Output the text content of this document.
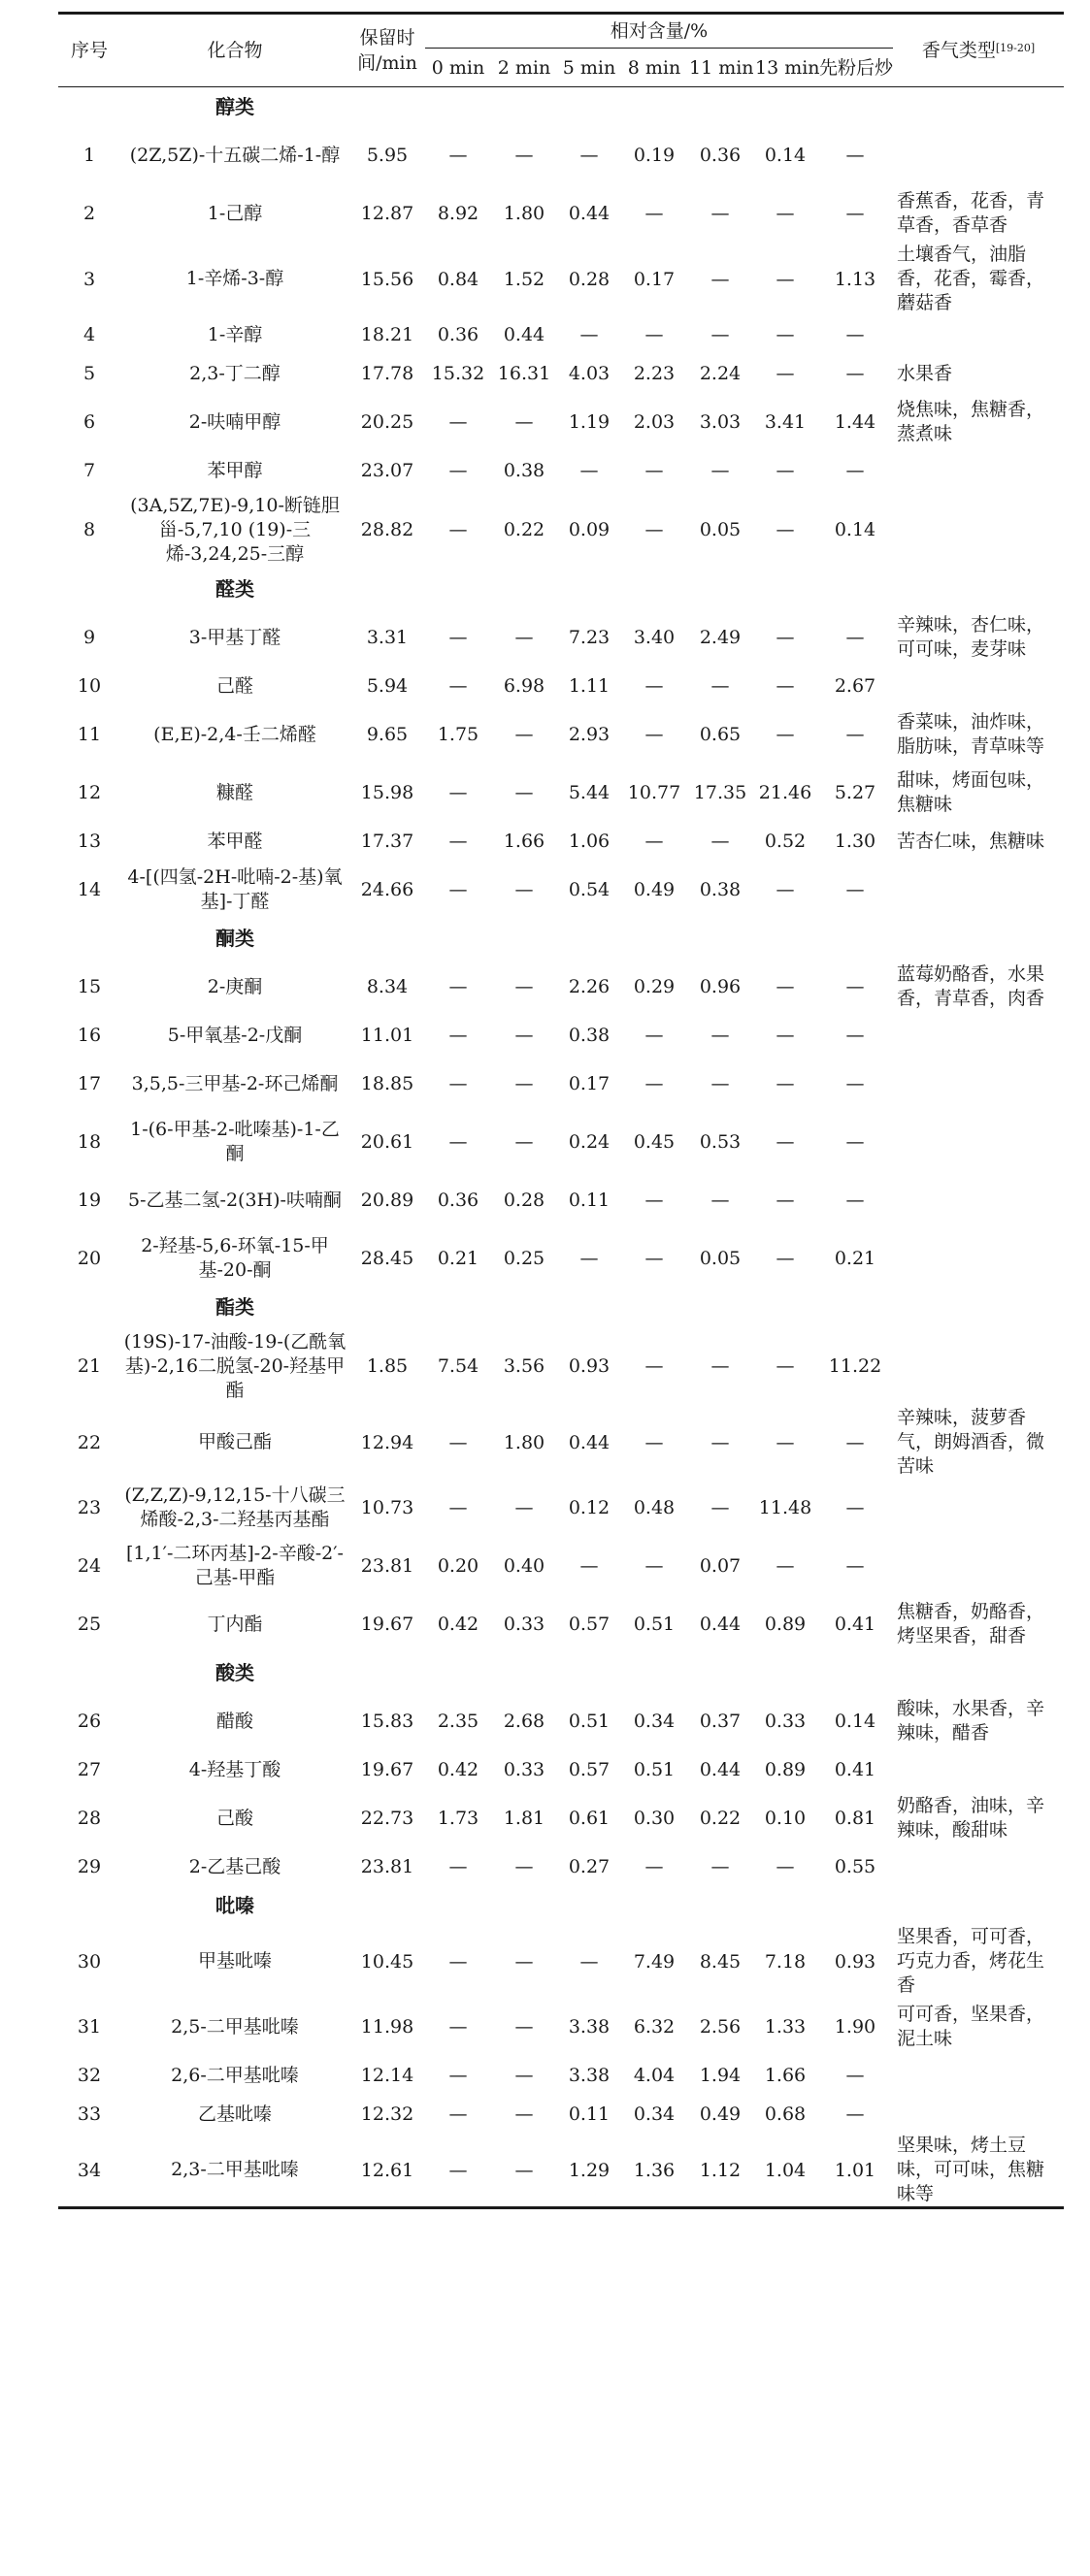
序号	化合物	保留时间/min	相对含量/%							香气类型[19-20]
			0 min	2 min	5 min	8 min	11 min	13 min	先粉后炒	
	醇类									
1	(2Z,5Z)-十五碳二烯-1-醇	5.95	—	—	—	0.19	0.36	0.14	—	
2	1-己醇	12.87	8.92	1.80	0.44	—	—	—	—	香蕉香，花香，青草香，香草香
3	1-辛烯-3-醇	15.56	0.84	1.52	0.28	0.17	—	—	1.13	土壤香气，油脂香，花香，霉香，蘑菇香
4	1-辛醇	18.21	0.36	0.44	—	—	—	—	—	
5	2,3-丁二醇	17.78	15.32	16.31	4.03	2.23	2.24	—	—	水果香
6	2-呋喃甲醇	20.25	—	—	1.19	2.03	3.03	3.41	1.44	烧焦味，焦糖香，蒸煮味
7	苯甲醇	23.07	—	0.38	—	—	—	—	—	
8	(3A,5Z,7E)-9,10-断链胆甾-5,7,10 (19)-三烯-3,24,25-三醇	28.82	—	0.22	0.09	—	0.05	—	0.14	
	醛类									
9	3-甲基丁醛	3.31	—	—	7.23	3.40	2.49	—	—	辛辣味，杏仁味，可可味，麦芽味
10	己醛	5.94	—	6.98	1.11	—	—	—	2.67	
11	(E,E)-2,4-壬二烯醛	9.65	1.75	—	2.93	—	0.65	—	—	香菜味，油炸味，脂肪味，青草味等
12	糠醛	15.98	—	—	5.44	10.77	17.35	21.46	5.27	甜味，烤面包味，焦糖味
13	苯甲醛	17.37	—	1.66	1.06	—	—	0.52	1.30	苦杏仁味，焦糖味
14	4-[(四氢-2H-吡喃-2-基)氧基]-丁醛	24.66	—	—	0.54	0.49	0.38	—	—	
	酮类									
15	2-庚酮	8.34	—	—	2.26	0.29	0.96	—	—	蓝莓奶酪香，水果香，青草香，肉香
16	5-甲氧基-2-戊酮	11.01	—	—	0.38	—	—	—	—	
17	3,5,5-三甲基-2-环己烯酮	18.85	—	—	0.17	—	—	—	—	
18	1-(6-甲基-2-吡嗪基)-1-乙酮	20.61	—	—	0.24	0.45	0.53	—	—	
19	5-乙基二氢-2(3H)-呋喃酮	20.89	0.36	0.28	0.11	—	—	—	—	
20	2-羟基-5,6-环氧-15-甲基-20-酮	28.45	0.21	0.25	—	—	0.05	—	0.21	
	酯类									
21	(19S)-17-油酸-19-(乙酰氧基)-2,16二脱氢-20-羟基甲酯	1.85	7.54	3.56	0.93	—	—	—	11.22	
22	甲酸己酯	12.94	—	1.80	0.44	—	—	—	—	辛辣味，菠萝香气，朗姆酒香，微苦味
23	(Z,Z,Z)-9,12,15-十八碳三烯酸-2,3-二羟基丙基酯	10.73	—	—	0.12	0.48	—	11.48	—	
24	[1,1′-二环丙基]-2-辛酸-2′-己基-甲酯	23.81	0.20	0.40	—	—	0.07	—	—	
25	丁内酯	19.67	0.42	0.33	0.57	0.51	0.44	0.89	0.41	焦糖香，奶酪香，烤坚果香，甜香
	酸类									
26	醋酸	15.83	2.35	2.68	0.51	0.34	0.37	0.33	0.14	酸味，水果香，辛辣味，醋香
27	4-羟基丁酸	19.67	0.42	0.33	0.57	0.51	0.44	0.89	0.41	
28	己酸	22.73	1.73	1.81	0.61	0.30	0.22	0.10	0.81	奶酪香，油味，辛辣味，酸甜味
29	2-乙基己酸	23.81	—	—	0.27	—	—	—	0.55	
	吡嗪									
30	甲基吡嗪	10.45	—	—	—	7.49	8.45	7.18	0.93	坚果香，可可香，巧克力香，烤花生香
31	2,5-二甲基吡嗪	11.98	—	—	3.38	6.32	2.56	1.33	1.90	可可香，坚果香，泥土味
32	2,6-二甲基吡嗪	12.14	—	—	3.38	4.04	1.94	1.66	—	
33	乙基吡嗪	12.32	—	—	0.11	0.34	0.49	0.68	—	
34	2,3-二甲基吡嗪	12.61	—	—	1.29	1.36	1.12	1.04	1.01	坚果味，烤土豆味，可可味，焦糖味等
